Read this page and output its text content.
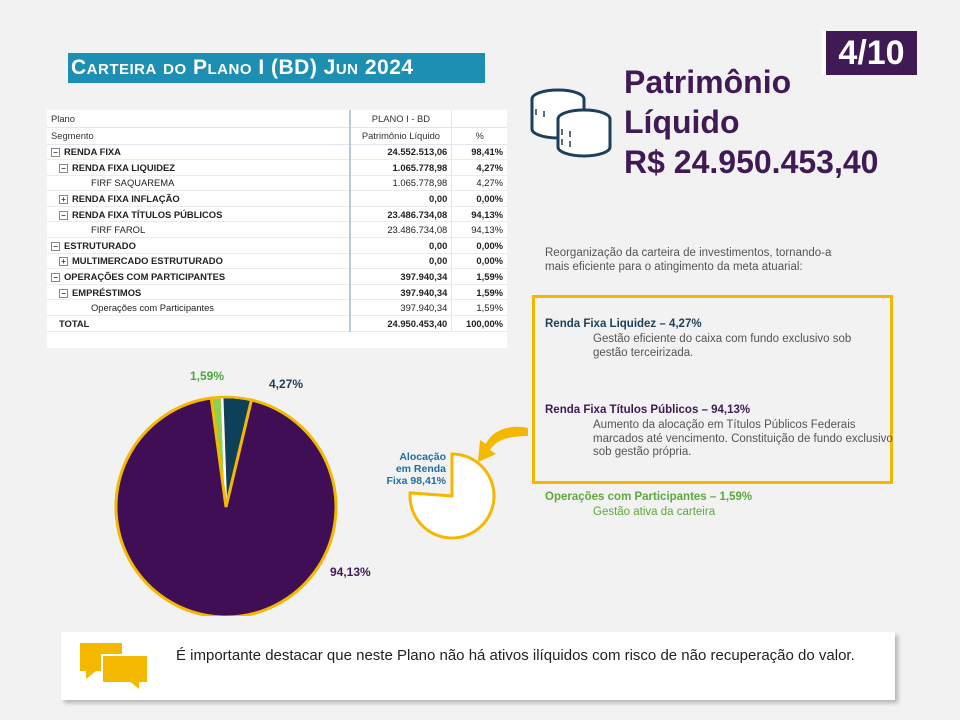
Carteira do Plano I (BD) Jun 2024	4/10
Patrimônio
Líquido
R$ 24.950.453,40
Plano	PLANO I - BD	
Segmento	Patrimônio Líquido	%
− RENDA FIXA	24.552.513,06	98,41%
− RENDA FIXA LIQUIDEZ	1.065.778,98	4,27%
FIRF SAQUAREMA	1.065.778,98	4,27%
+ RENDA FIXA INFLAÇÃO	0,00	0,00%
− RENDA FIXA TÍTULOS PÚBLICOS	23.486.734,08	94,13%
FIRF FAROL	23.486.734,08	94,13%
− ESTRUTURADO	0,00	0,00%
+ MULTIMERCADO ESTRUTURADO	0,00	0,00%
− OPERAÇÕES COM PARTICIPANTES	397.940,34	1,59%
− EMPRÉSTIMOS	397.940,34	1,59%
Operações com Participantes	397.940,34	1,59%
TOTAL	24.950.453,40	100,00%
1,59%
4,27%
94,13%
Alocação
em Renda
Fixa 98,41%
Reorganização da carteira de investimentos, tornando-a mais eficiente para o atingimento da meta atuarial:
Renda Fixa Liquidez – 4,27%
Gestão eficiente do caixa com fundo exclusivo sob gestão terceirizada.
Renda Fixa Títulos Públicos – 94,13%
Aumento da alocação em Títulos Públicos Federais marcados até vencimento. Constituição de fundo exclusivo sob gestão própria.
Operações com Participantes – 1,59%
Gestão ativa da carteira
É importante destacar que neste Plano não há ativos ilíquidos com risco de não recuperação do valor.
